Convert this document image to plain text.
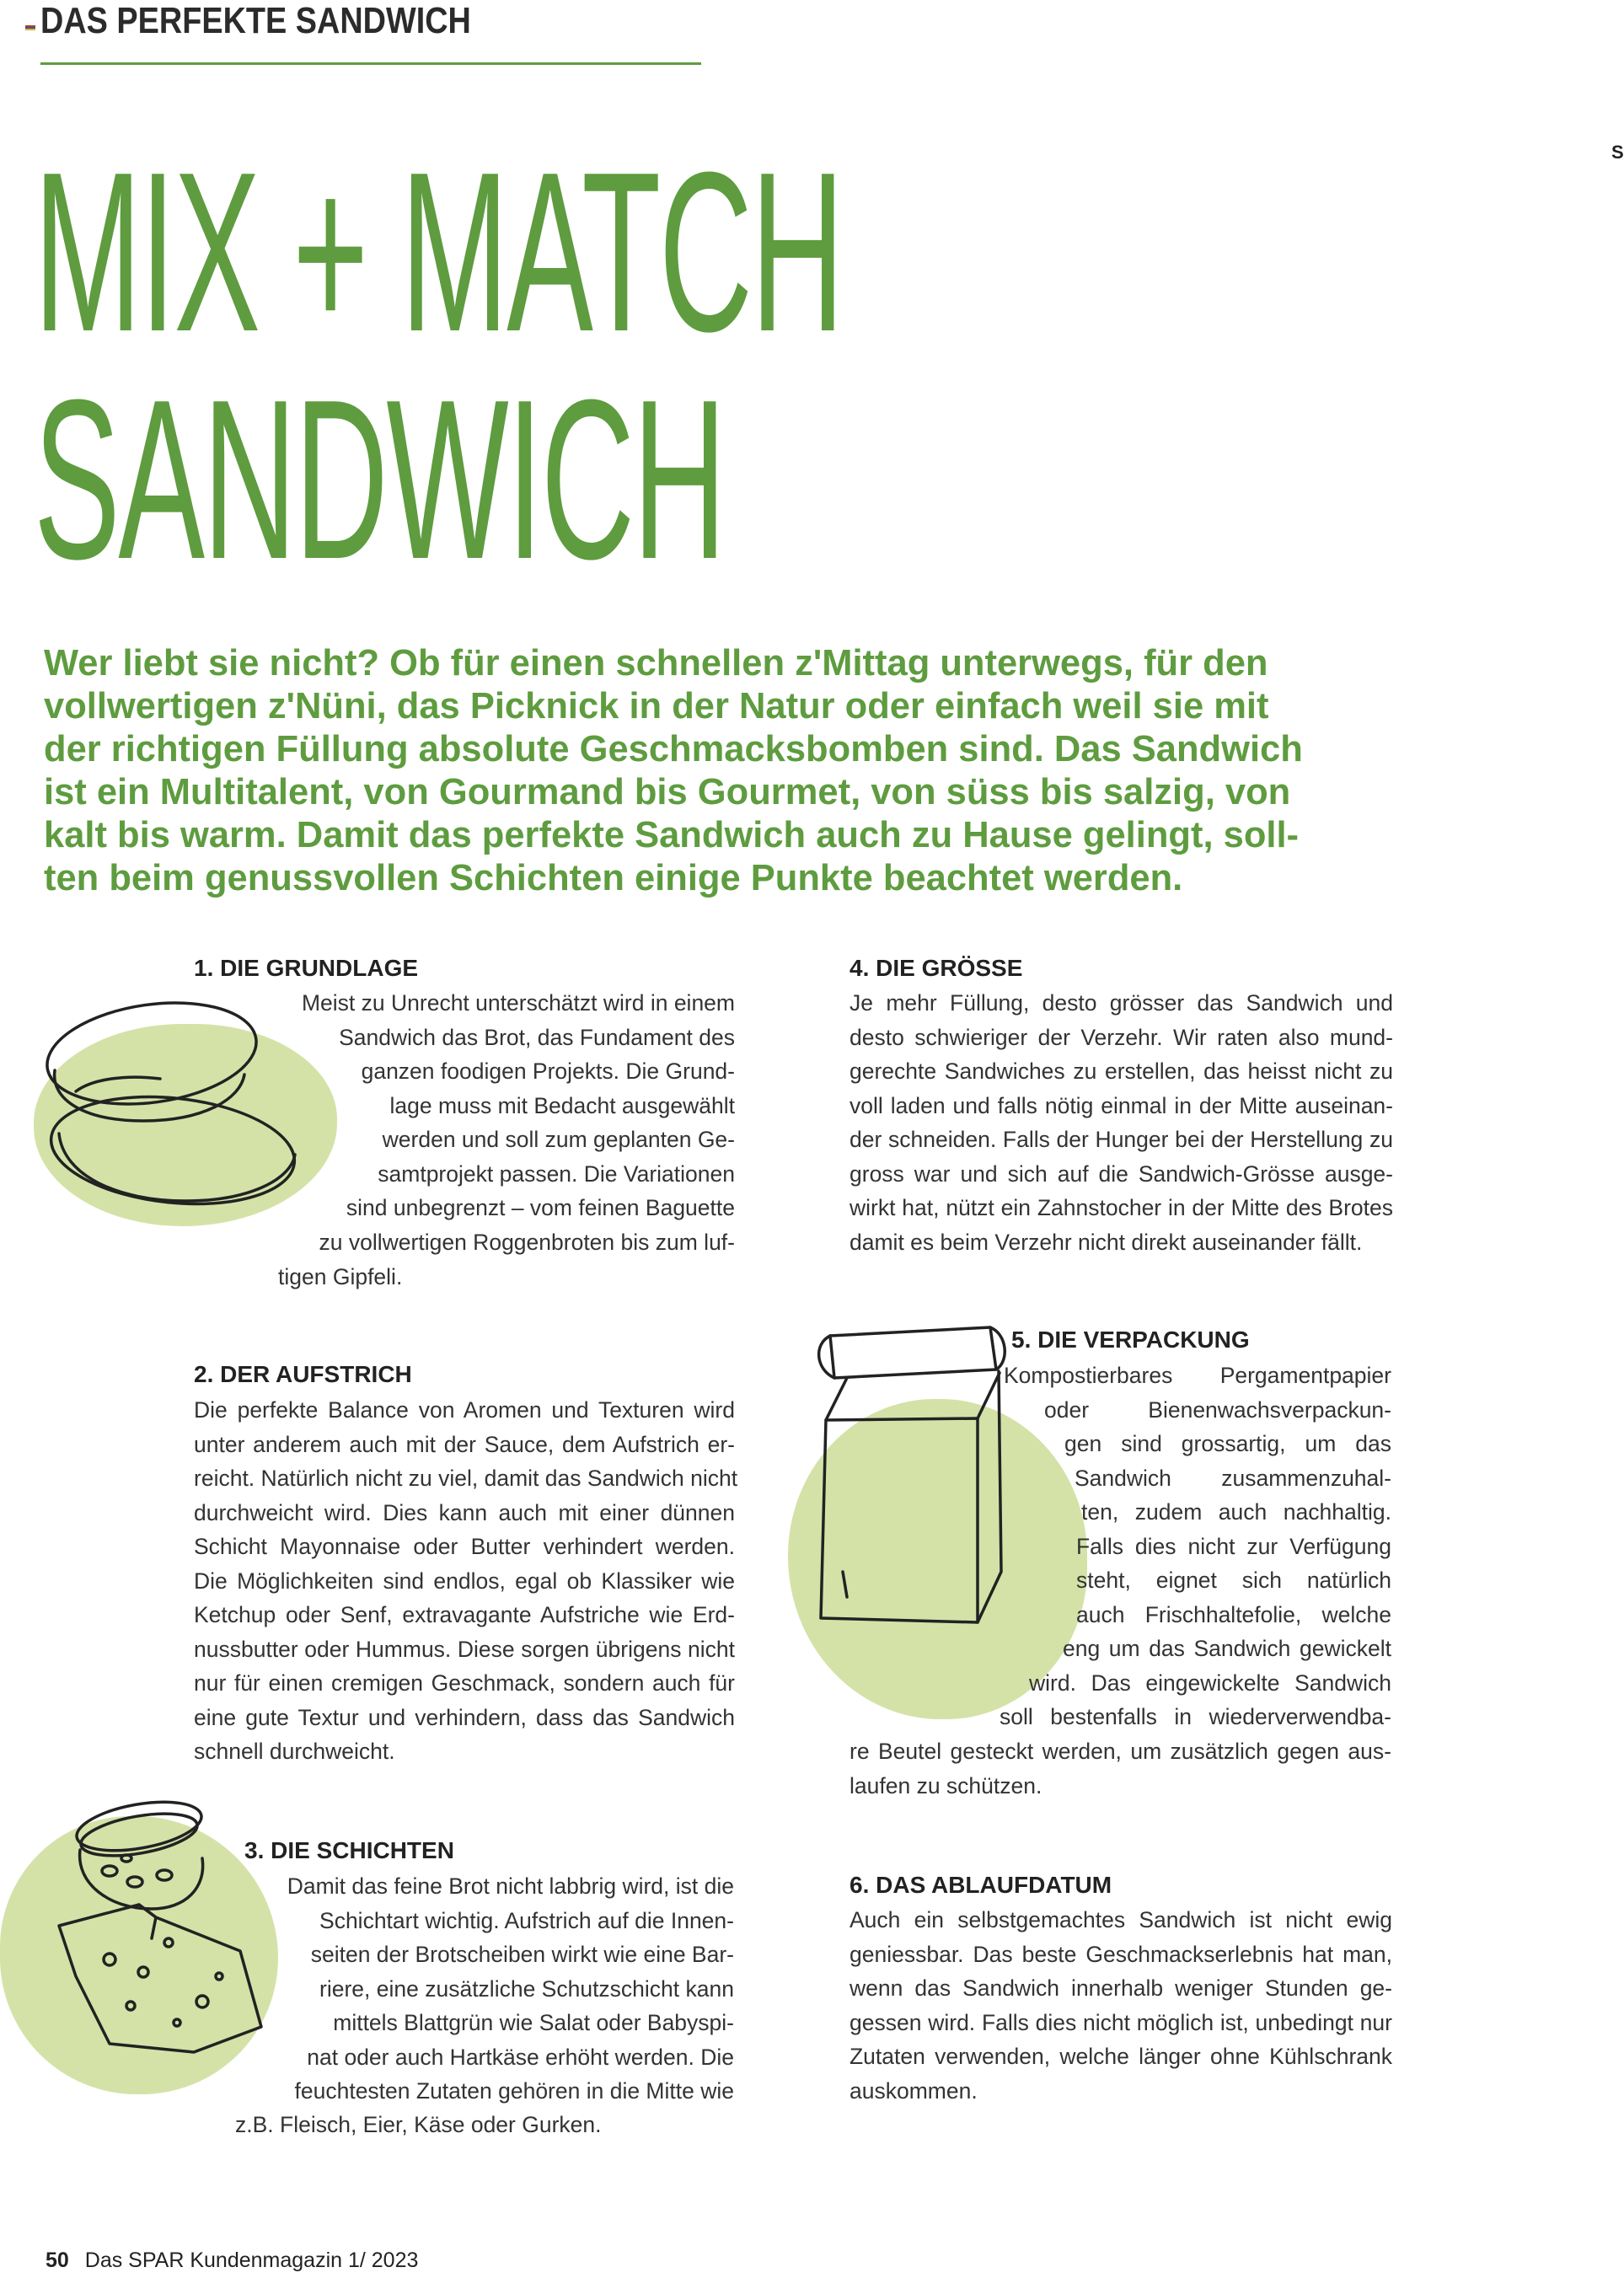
DAS PERFEKTE SANDWICH
S
MIX + MATCH
SANDWICH
Wer liebt sie nicht? Ob für einen schnellen z'Mittag unterwegs, für den
vollwertigen z'Nüni, das Picknick in der Natur oder einfach weil sie mit
der richtigen Füllung absolute Geschmacksbomben sind. Das Sandwich
ist ein Multitalent, von Gourmand bis Gourmet, von süss bis salzig, von
kalt bis warm. Damit das perfekte Sandwich auch zu Hause gelingt, soll-
ten beim genussvollen Schichten einige Punkte beachtet werden.
1. DIE GRUNDLAGE
Meist zu Unrecht unterschätzt wird in einem
Sandwich das Brot, das Fundament des
ganzen foodigen Projekts. Die Grund-
lage muss mit Bedacht ausgewählt
werden und soll zum geplanten Ge-
samtprojekt passen. Die Variationen
sind unbegrenzt – vom feinen Baguette
zu vollwertigen Roggenbroten bis zum luf-
tigen Gipfeli.
4. DIE GRÖSSE
Je mehr Füllung, desto grösser das Sandwich und
desto schwieriger der Verzehr. Wir raten also mund-
gerechte Sandwiches zu erstellen, das heisst nicht zu
voll laden und falls nötig einmal in der Mitte auseinan-
der schneiden. Falls der Hunger bei der Herstellung zu
gross war und sich auf die Sandwich-Grösse ausge-
wirkt hat, nützt ein Zahnstocher in der Mitte des Brotes
damit es beim Verzehr nicht direkt auseinander fällt.
2. DER AUFSTRICH
Die perfekte Balance von Aromen und Texturen wird
unter anderem auch mit der Sauce, dem Aufstrich er-
reicht. Natürlich nicht zu viel, damit das Sandwich nicht
durchweicht wird. Dies kann auch mit einer dünnen
Schicht Mayonnaise oder Butter verhindert werden.
Die Möglichkeiten sind endlos, egal ob Klassiker wie
Ketchup oder Senf, extravagante Aufstriche wie Erd-
nussbutter oder Hummus. Diese sorgen übrigens nicht
nur für einen cremigen Geschmack, sondern auch für
eine gute Textur und verhindern, dass das Sandwich
schnell durchweicht.
5. DIE VERPACKUNG
Kompostierbares Pergamentpapier
oder Bienenwachsverpackun-
gen sind grossartig, um das
Sandwich zusammenzuhal-
ten, zudem auch nachhaltig.
Falls dies nicht zur Verfügung
steht, eignet sich natürlich
auch Frischhaltefolie, welche
eng um das Sandwich gewickelt
wird. Das eingewickelte Sandwich
soll bestenfalls in wiederverwendba-
re Beutel gesteckt werden, um zusätzlich gegen aus-
laufen zu schützen.
3. DIE SCHICHTEN
Damit das feine Brot nicht labbrig wird, ist die
Schichtart wichtig. Aufstrich auf die Innen-
seiten der Brotscheiben wirkt wie eine Bar-
riere, eine zusätzliche Schutzschicht kann
mittels Blattgrün wie Salat oder Babyspi-
nat oder auch Hartkäse erhöht werden. Die
feuchtesten Zutaten gehören in die Mitte wie
z.B. Fleisch, Eier, Käse oder Gurken.
6. DAS ABLAUFDATUM
Auch ein selbstgemachtes Sandwich ist nicht ewig
geniessbar. Das beste Geschmackserlebnis hat man,
wenn das Sandwich innerhalb weniger Stunden ge-
gessen wird. Falls dies nicht möglich ist, unbedingt nur
Zutaten verwenden, welche länger ohne Kühlschrank
auskommen.
50 Das SPAR Kundenmagazin 1/ 2023
